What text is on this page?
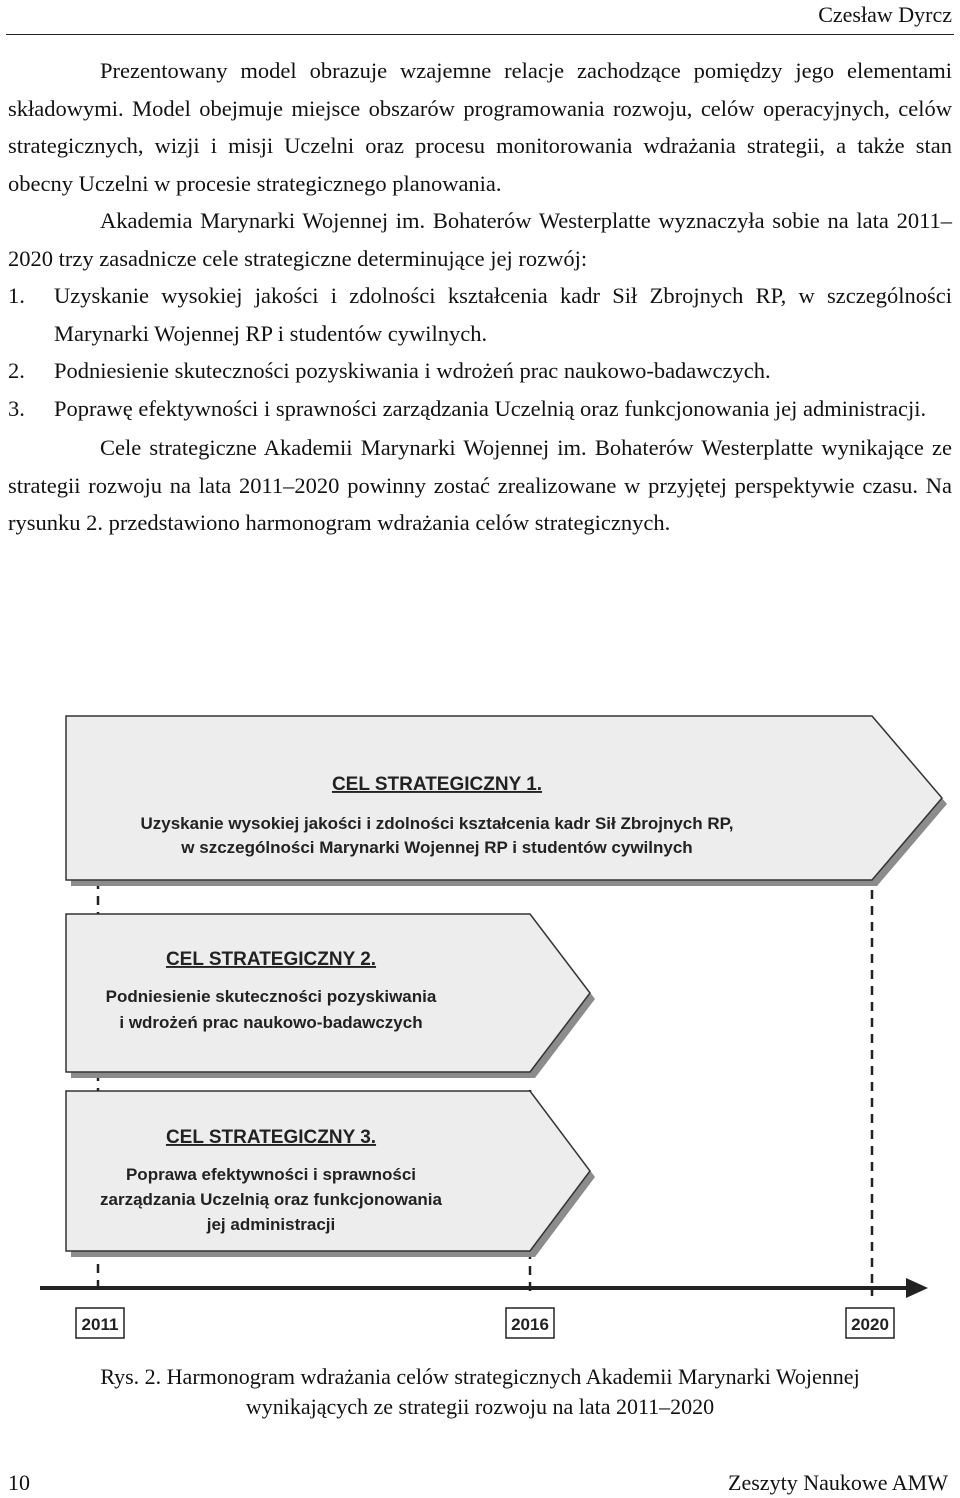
Czesław Dyrcz

Prezentowany model obrazuje wzajemne relacje zachodzące pomiędzy jego elementami składowymi. Model obejmuje miejsce obszarów programowania rozwoju, celów operacyjnych, celów strategicznych, wizji i misji Uczelni oraz procesu monitorowania wdrażania strategii, a także stan obecny Uczelni w procesie strategicznego planowania.

Akademia Marynarki Wojennej im. Bohaterów Westerplatte wyznaczyła sobie na lata 2011–2020 trzy zasadnicze cele strategiczne determinujące jej rozwój:

1.	Uzyskanie wysokiej jakości i zdolności kształcenia kadr Sił Zbrojnych RP, w szczególności Marynarki Wojennej RP i studentów cywilnych.
2.	Podniesienie skuteczności pozyskiwania i wdrożeń prac naukowo-badawczych.
3.	Poprawę efektywności i sprawności zarządzania Uczelnią oraz funkcjonowania jej administracji.

Cele strategiczne Akademii Marynarki Wojennej im. Bohaterów Westerplatte wynikające ze strategii rozwoju na lata 2011–2020 powinny zostać zrealizowane w przyjętej perspektywie czasu. Na rysunku 2. przedstawiono harmonogram wdrażania celów strategicznych.

CEL STRATEGICZNY 1.
Uzyskanie wysokiej jakości i zdolności kształcenia kadr Sił Zbrojnych RP,
w szczególności Marynarki Wojennej RP i studentów cywilnych
CEL STRATEGICZNY 2.
Podniesienie skuteczności pozyskiwania
i wdrożeń prac naukowo-badawczych
CEL STRATEGICZNY 3.
Poprawa efektywności i sprawności
zarządzania Uczelnią oraz funkcjonowania
jej administracji
2011	2016	2020
Rys. 2. Harmonogram wdrażania celów strategicznych Akademii Marynarki Wojennej
wynikających ze strategii rozwoju na lata 2011–2020
10	Zeszyty Naukowe AMW
